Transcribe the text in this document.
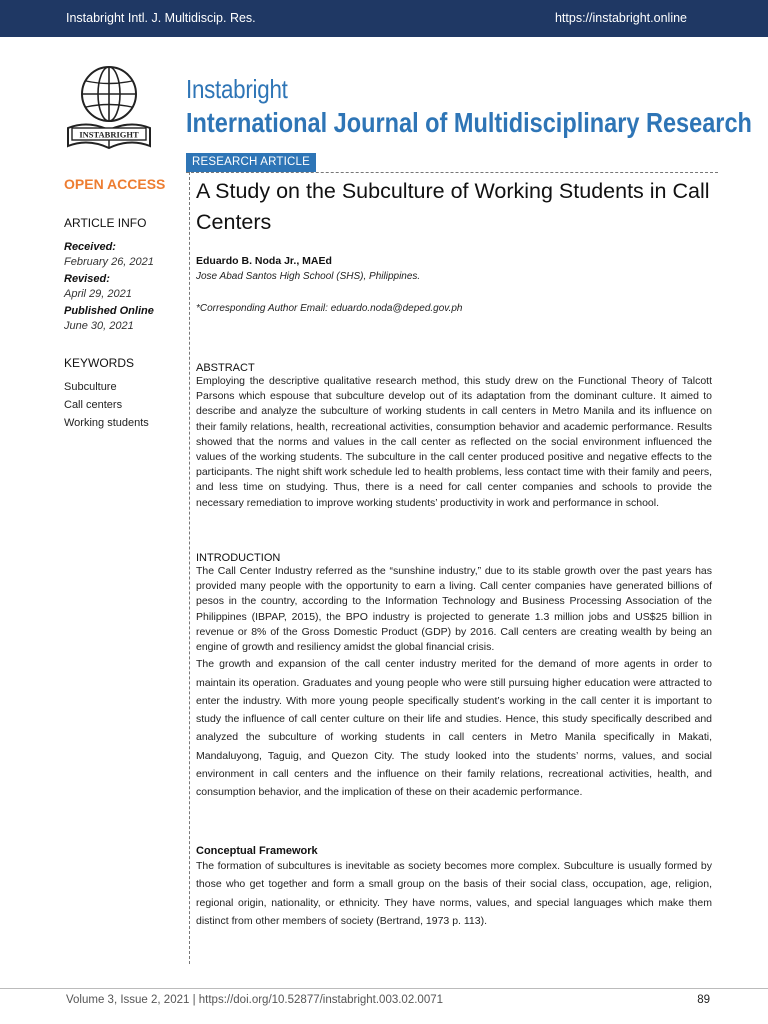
Instabright Intl. J. Multidiscip. Res.	https://instabright.online
INSTABRIGHT
Instabright
International Journal of Multidisciplinary Research
RESEARCH ARTICLE
OPEN ACCESS
ARTICLE INFO
Received:
February 26, 2021
Revised:
April 29, 2021
Published Online
June 30, 2021
KEYWORDS
Subculture
Call centers
Working students
A Study on the Subculture of Working Students in Call Centers
Eduardo B. Noda Jr., MAEd
Jose Abad Santos High School (SHS), Philippines.
*Corresponding Author Email: eduardo.noda@deped.gov.ph
ABSTRACT

Employing the descriptive qualitative research method, this study drew on the Functional Theory of Talcott Parsons which espouse that subculture develop out of its adaptation from the dominant culture. It aimed to describe and analyze the subculture of working students in call centers in Metro Manila and its influence on their family relations, health, recreational activities, consumption behavior and academic performance. Results showed that the norms and values in the call center as reflected on the social environment influenced the values of the working students. The subculture in the call center produced positive and negative effects to the participants. The night shift work schedule led to health problems, less contact time with their family and peers, and less time on studying. Thus, there is a need for call center companies and schools to provide the necessary remediation to improve working students’ productivity in work and performance in school.

INTRODUCTION

The Call Center Industry referred as the “sunshine industry,” due to its stable growth over the past years has provided many people with the opportunity to earn a living. Call center companies have generated billions of pesos in the country, according to the Information Technology and Business Processing Association of the Philippines (IBPAP, 2015), the BPO industry is projected to generate 1.3 million jobs and US$25 billion in revenue or 8% of the Gross Domestic Product (GDP) by 2016. Call centers are creating wealth by being an engine of growth and resiliency amidst the global financial crisis.

The growth and expansion of the call center industry merited for the demand of more agents in order to maintain its operation. Graduates and young people who were still pursuing higher education were attracted to enter the industry. With more young people specifically student’s working in the call center it is important to study the influence of call center culture on their life and studies. Hence, this study specifically described and analyzed the subculture of working students in call centers in Metro Manila specifically in Makati, Mandaluyong, Taguig, and Quezon City. The study looked into the students’ norms, values, and social environment in call centers and the influence on their family relations, recreational activities, health, and consumption behavior, and the implication of these on their academic performance.

Conceptual Framework

The formation of subcultures is inevitable as society becomes more complex. Subculture is usually formed by those who get together and form a small group on the basis of their social class, occupation, age, religion, regional origin, nationality, or ethnicity. They have norms, values, and special languages which make them distinct from other members of society (Bertrand, 1973 p. 113).

Volume 3, Issue 2, 2021 | https://doi.org/10.52877/instabright.003.02.0071	89
